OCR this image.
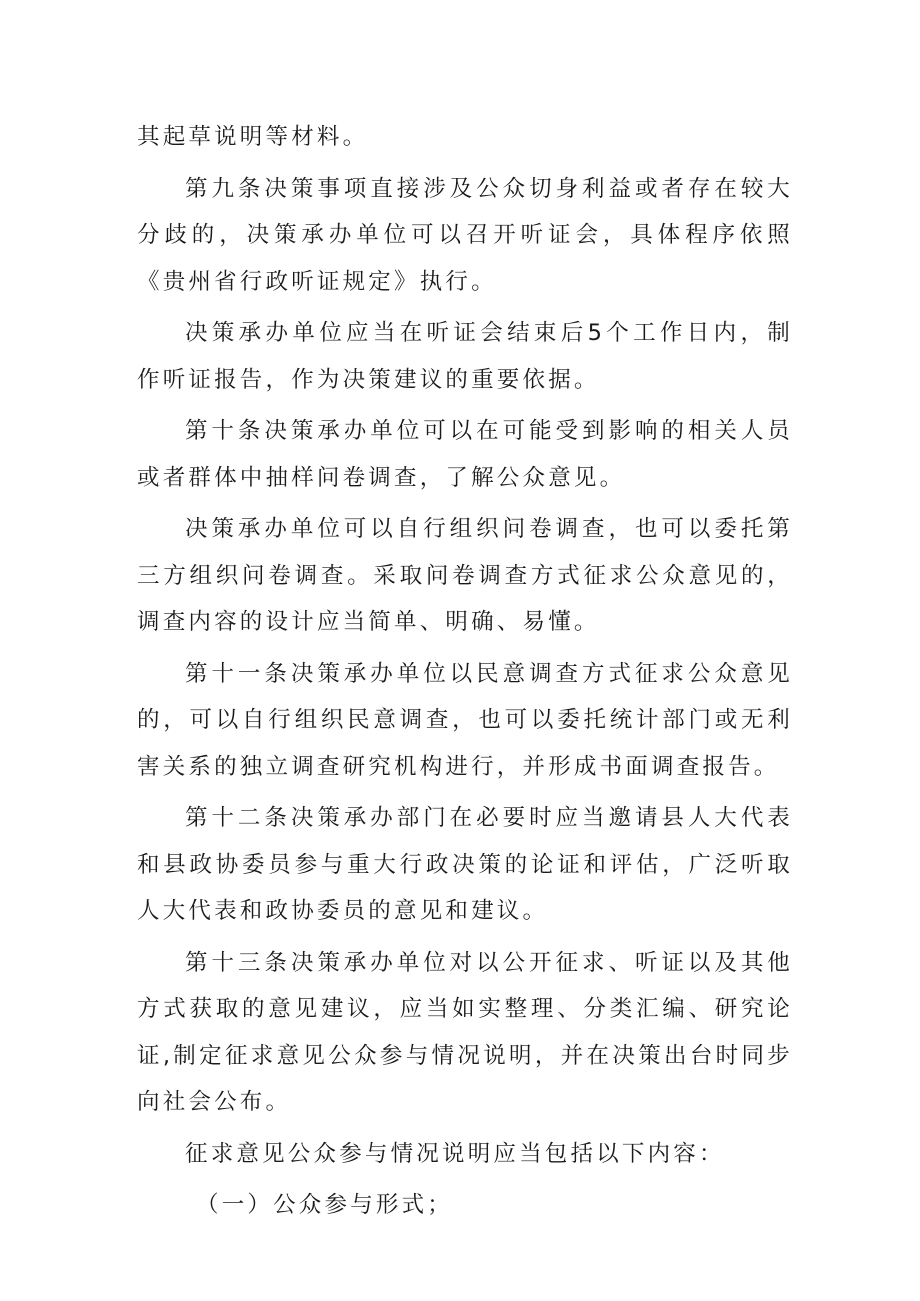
其起草说明等材料。

第九条决策事项直接涉及公众切身利益或者存在较大分歧的，决策承办单位可以召开听证会，具体程序依照《贵州省行政听证规定》执行。

决策承办单位应当在听证会结束后5个工作日内，制作听证报告，作为决策建议的重要依据。

第十条决策承办单位可以在可能受到影响的相关人员或者群体中抽样问卷调查，了解公众意见。

决策承办单位可以自行组织问卷调查，也可以委托第三方组织问卷调查。采取问卷调查方式征求公众意见的，调查内容的设计应当简单、明确、易懂。

第十一条决策承办单位以民意调查方式征求公众意见的，可以自行组织民意调查，也可以委托统计部门或无利害关系的独立调查研究机构进行，并形成书面调查报告。

第十二条决策承办部门在必要时应当邀请县人大代表和县政协委员参与重大行政决策的论证和评估，广泛听取人大代表和政协委员的意见和建议。

第十三条决策承办单位对以公开征求、听证以及其他方式获取的意见建议，应当如实整理、分类汇编、研究论证,制定征求意见公众参与情况说明，并在决策出台时同步向社会公布。

征求意见公众参与情况说明应当包括以下内容：

（一）公众参与形式；
